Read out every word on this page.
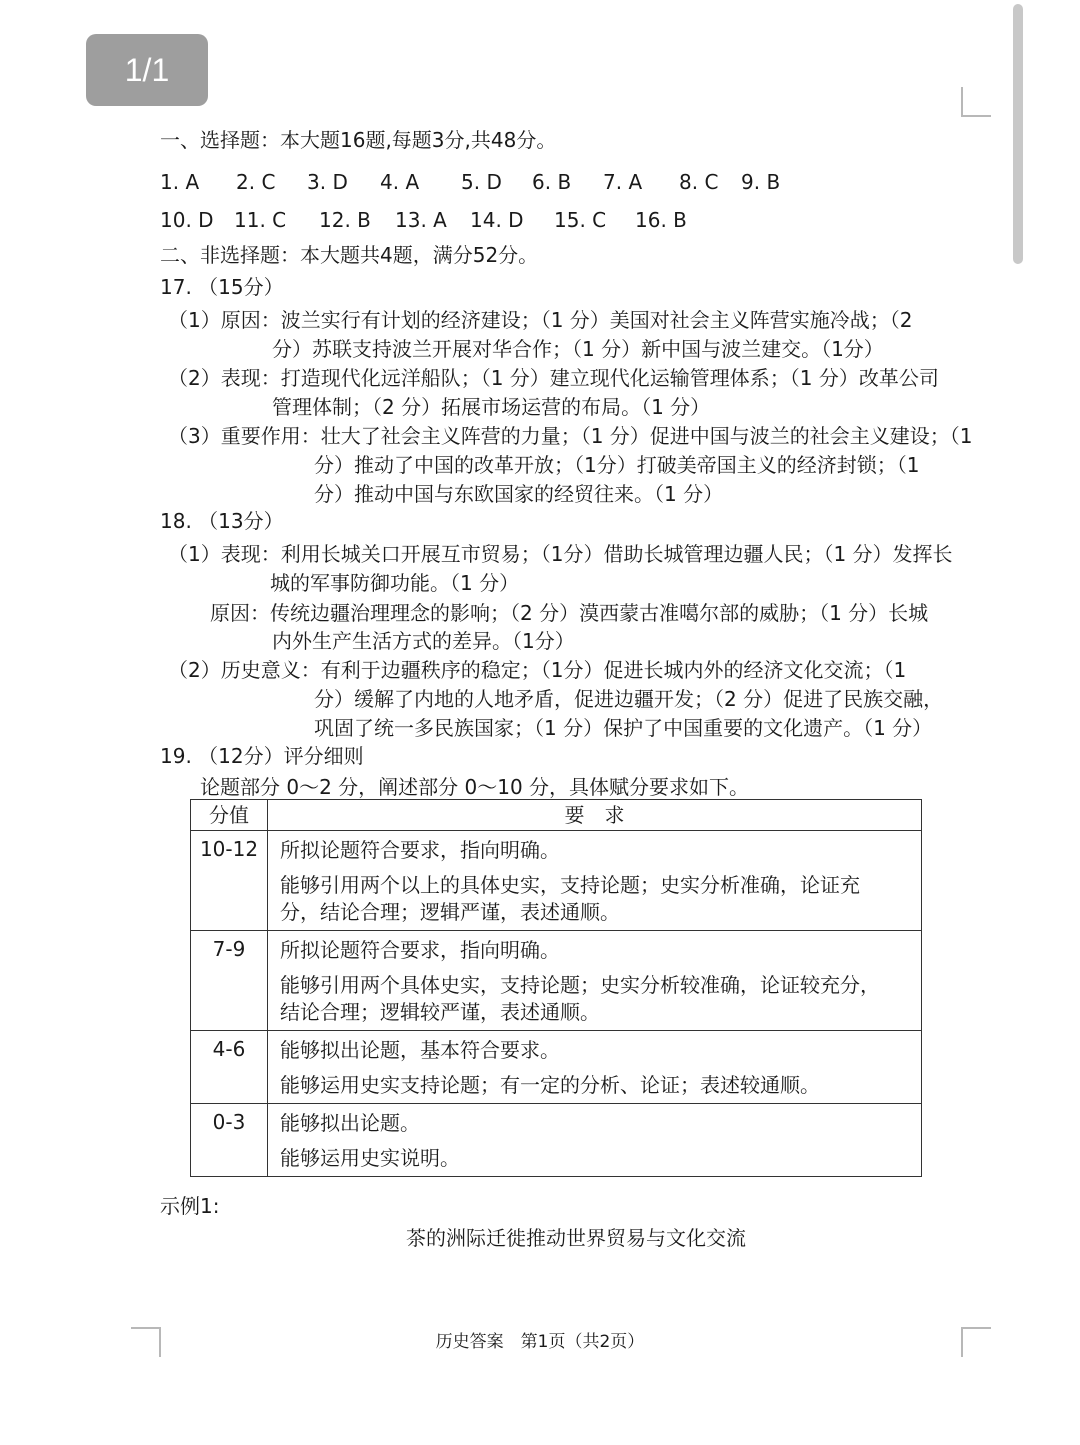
1/1
一、选择题：本大题16题,每题3分,共48分。
1. A 2. C 3. D 4. A 5. D 6. B 7. A 8. C 9. B
10. D 11. C 12. B 13. A 14. D 15. C 16. B
二、非选择题：本大题共4题，满分52分。
17. （15分）
（1）原因：波兰实行有计划的经济建设；（1 分）美国对社会主义阵营实施冷战；（2
分）苏联支持波兰开展对华合作；（1 分）新中国与波兰建交。（1分）
（2）表现：打造现代化远洋船队；（1 分）建立现代化运输管理体系；（1 分）改革公司
管理体制；（2 分）拓展市场运营的布局。（1 分）
（3）重要作用：壮大了社会主义阵营的力量；（1 分）促进中国与波兰的社会主义建设；（1
分）推动了中国的改革开放；（1分）打破美帝国主义的经济封锁；（1
分）推动中国与东欧国家的经贸往来。（1 分）
18. （13分）
（1）表现：利用长城关口开展互市贸易；（1分）借助长城管理边疆人民；（1 分）发挥长
城的军事防御功能。（1 分）
原因：传统边疆治理理念的影响；（2 分）漠西蒙古准噶尔部的威胁；（1 分）长城
内外生产生活方式的差异。（1分）
（2）历史意义：有利于边疆秩序的稳定；（1分）促进长城内外的经济文化交流；（1
分）缓解了内地的人地矛盾，促进边疆开发；（2 分）促进了民族交融，
巩固了统一多民族国家；（1 分）保护了中国重要的文化遗产。（1 分）
19. （12分）评分细则
论题部分 0～2 分，阐述部分 0～10 分，具体赋分要求如下。
分值	要　求
10-12	所拟论题符合要求，指向明确。
能够引用两个以上的具体史实，支持论题；史实分析准确，论证充
分，结论合理；逻辑严谨，表述通顺。

7-9	所拟论题符合要求，指向明确。
能够引用两个具体史实，支持论题；史实分析较准确，论证较充分，
结论合理；逻辑较严谨，表述通顺。

4-6	能够拟出论题，基本符合要求。
能够运用史实支持论题；有一定的分析、论证；表述较通顺。

0-3	能够拟出论题。
能够运用史实说明。
示例1:
茶的洲际迁徙推动世界贸易与文化交流
历史答案　第1页（共2页）
